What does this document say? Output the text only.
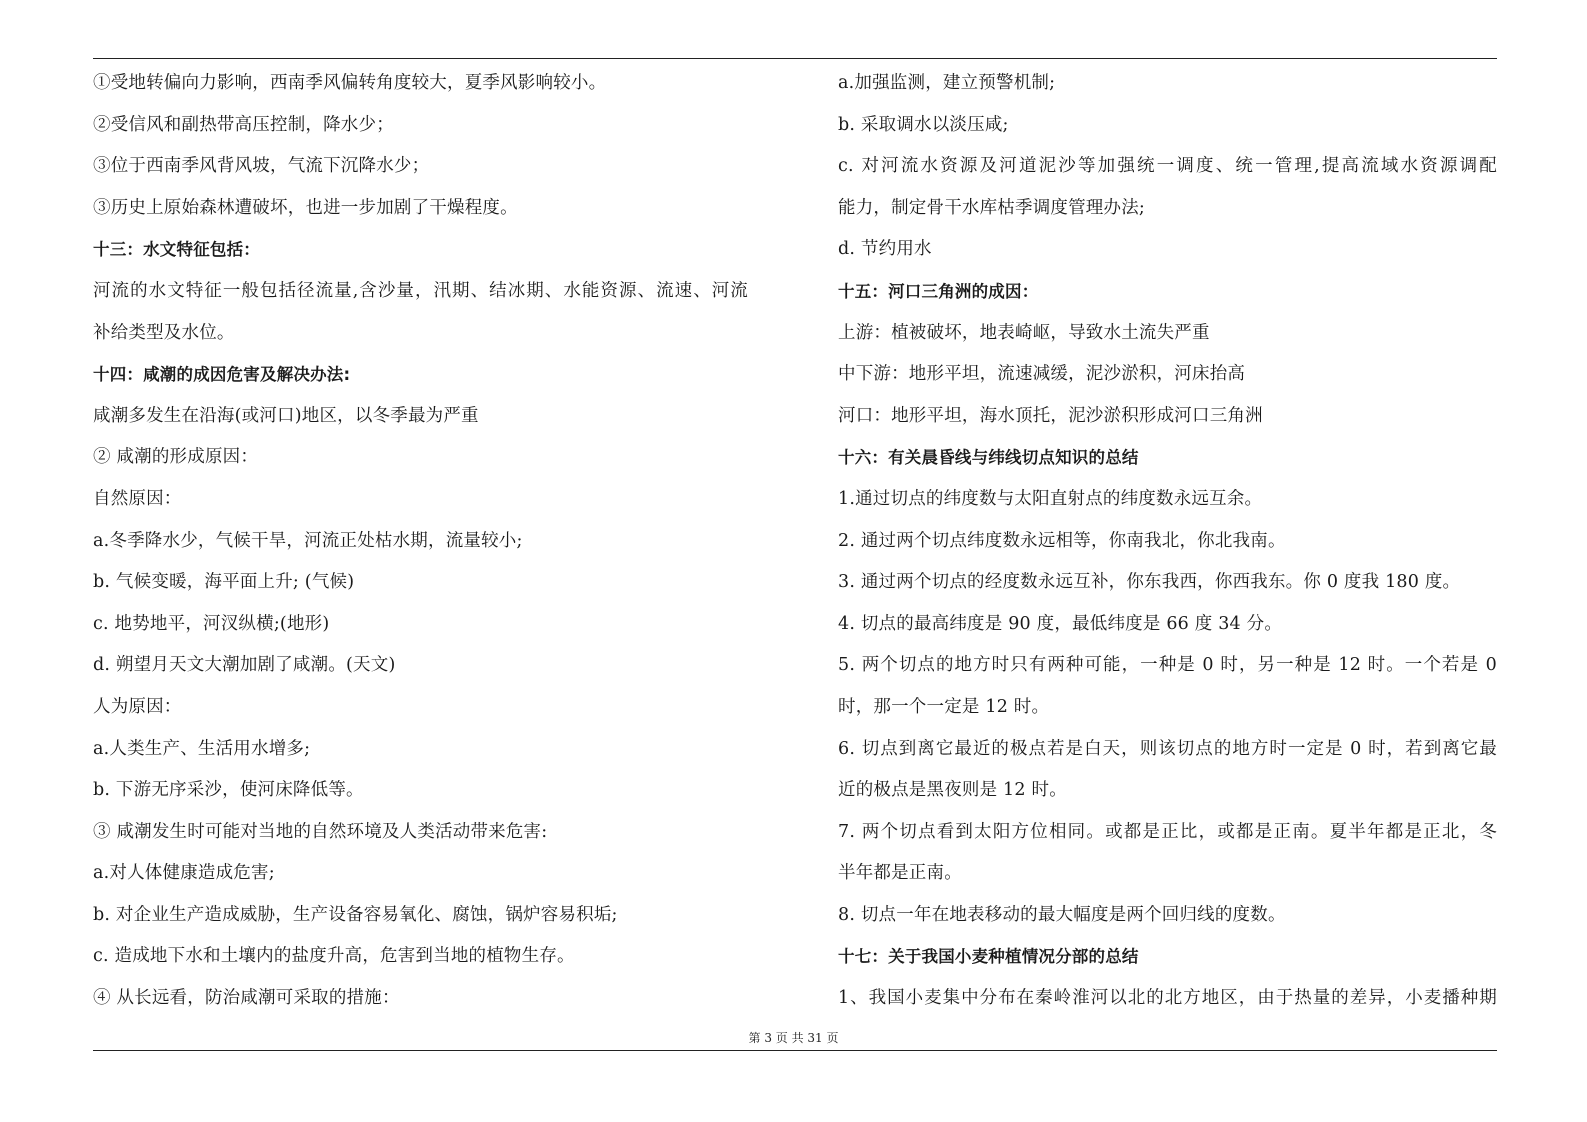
①受地转偏向力影响，西南季风偏转角度较大，夏季风影响较小。
②受信风和副热带高压控制，降水少；
③位于西南季风背风坡，气流下沉降水少；
③历史上原始森林遭破坏，也进一步加剧了干燥程度。
十三：水文特征包括：
河流的水文特征一般包括径流量,含沙量，汛期、结冰期、水能资源、流速、河流
补给类型及水位。
十四：咸潮的成因危害及解决办法:
咸潮多发生在沿海(或河口)地区，以冬季最为严重
② 咸潮的形成原因：
自然原因：
a.冬季降水少，气候干旱，河流正处枯水期，流量较小;
b. 气候变暖，海平面上升; (气候)
c. 地势地平，河汊纵横;(地形)
d. 朔望月天文大潮加剧了咸潮。(天文)
人为原因：
a.人类生产、生活用水增多;
b. 下游无序采沙，使河床降低等。
③ 咸潮发生时可能对当地的自然环境及人类活动带来危害:
a.对人体健康造成危害;
b. 对企业生产造成威胁，生产设备容易氧化、腐蚀，锅炉容易积垢;
c. 造成地下水和土壤内的盐度升高，危害到当地的植物生存。
④ 从长远看，防治咸潮可采取的措施：
a.加强监测，建立预警机制;
b. 采取调水以淡压咸;
c. 对河流水资源及河道泥沙等加强统一调度、统一管理,提高流域水资源调配
能力，制定骨干水库枯季调度管理办法;
d. 节约用水
十五：河口三角洲的成因：
上游：植被破坏，地表崎岖，导致水土流失严重
中下游：地形平坦，流速减缓，泥沙淤积，河床抬高
河口：地形平坦，海水顶托，泥沙淤积形成河口三角洲
十六：有关晨昏线与纬线切点知识的总结
1.通过切点的纬度数与太阳直射点的纬度数永远互余。
2. 通过两个切点纬度数永远相等，你南我北，你北我南。
3. 通过两个切点的经度数永远互补，你东我西，你西我东。你 0 度我 180 度。
4. 切点的最高纬度是 90 度，最低纬度是 66 度 34 分。
5. 两个切点的地方时只有两种可能，一种是 0 时，另一种是 12 时。一个若是 0
时，那一个一定是 12 时。
6. 切点到离它最近的极点若是白天，则该切点的地方时一定是 0 时，若到离它最
近的极点是黑夜则是 12 时。
7. 两个切点看到太阳方位相同。或都是正比，或都是正南。夏半年都是正北，冬
半年都是正南。
8. 切点一年在地表移动的最大幅度是两个回归线的度数。
十七：关于我国小麦种植情况分部的总结
1、我国小麦集中分布在秦岭淮河以北的北方地区，由于热量的差异，小麦播种期
第 3 页 共 31 页
